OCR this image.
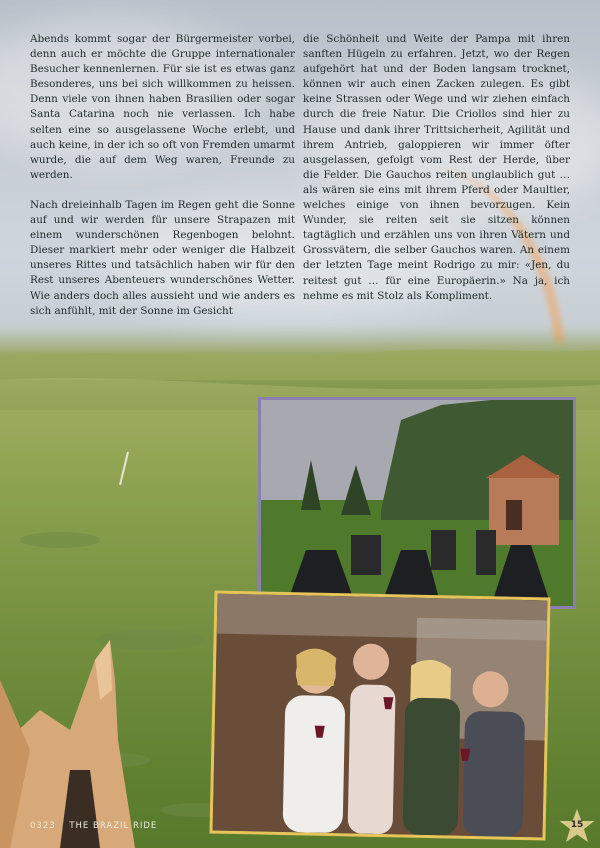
Abends kommt sogar der Bürgermeister vorbei, denn auch er möchte die Gruppe internationaler Besucher kennenlernen. Für sie ist es etwas ganz Besonderes, uns bei sich willkommen zu heissen. Denn viele von ihnen haben Brasilien oder sogar Santa Catarina noch nie verlassen. Ich habe selten eine so ausgelassene Woche erlebt, und auch keine, in der ich so oft von Fremden umarmt wurde, die auf dem Weg waren, Freunde zu werden.

Nach dreieinhalb Tagen im Regen geht die Sonne auf und wir werden für unsere Strapazen mit einem wunderschönen Regenbogen belohnt. Dieser markiert mehr oder weniger die Halbzeit unseres Rittes und tatsächlich haben wir für den Rest unseres Abenteuers wunderschönes Wetter. Wie anders doch alles aussieht und wie anders es sich anfühlt, mit der Sonne im Gesicht

die Schönheit und Weite der Pampa mit ihren sanften Hügeln zu erfahren. Jetzt, wo der Regen aufgehört hat und der Boden langsam trocknet, können wir auch einen Zacken zulegen. Es gibt keine Strassen oder Wege und wir ziehen einfach durch die freie Natur. Die Criollos sind hier zu Hause und dank ihrer Trittsicherheit, Agilität und ihrem Antrieb, galoppieren wir immer öfter ausgelassen, gefolgt vom Rest der Herde, über die Felder. Die Gauchos reiten unglaublich gut … als wären sie eins mit ihrem Pferd oder Maultier, welches einige von ihnen bevorzugen. Kein Wunder, sie reiten seit sie sitzen können tagtäglich und erzählen uns von ihren Vätern und Grossvätern, die selber Gauchos waren. An einem der letzten Tage meint Rodrigo zu mir: «Jen, du reitest gut … für eine Europäerin.» Na ja, ich nehme es mit Stolz als Kompliment.

0323 THE BRAZIL RIDE	15
